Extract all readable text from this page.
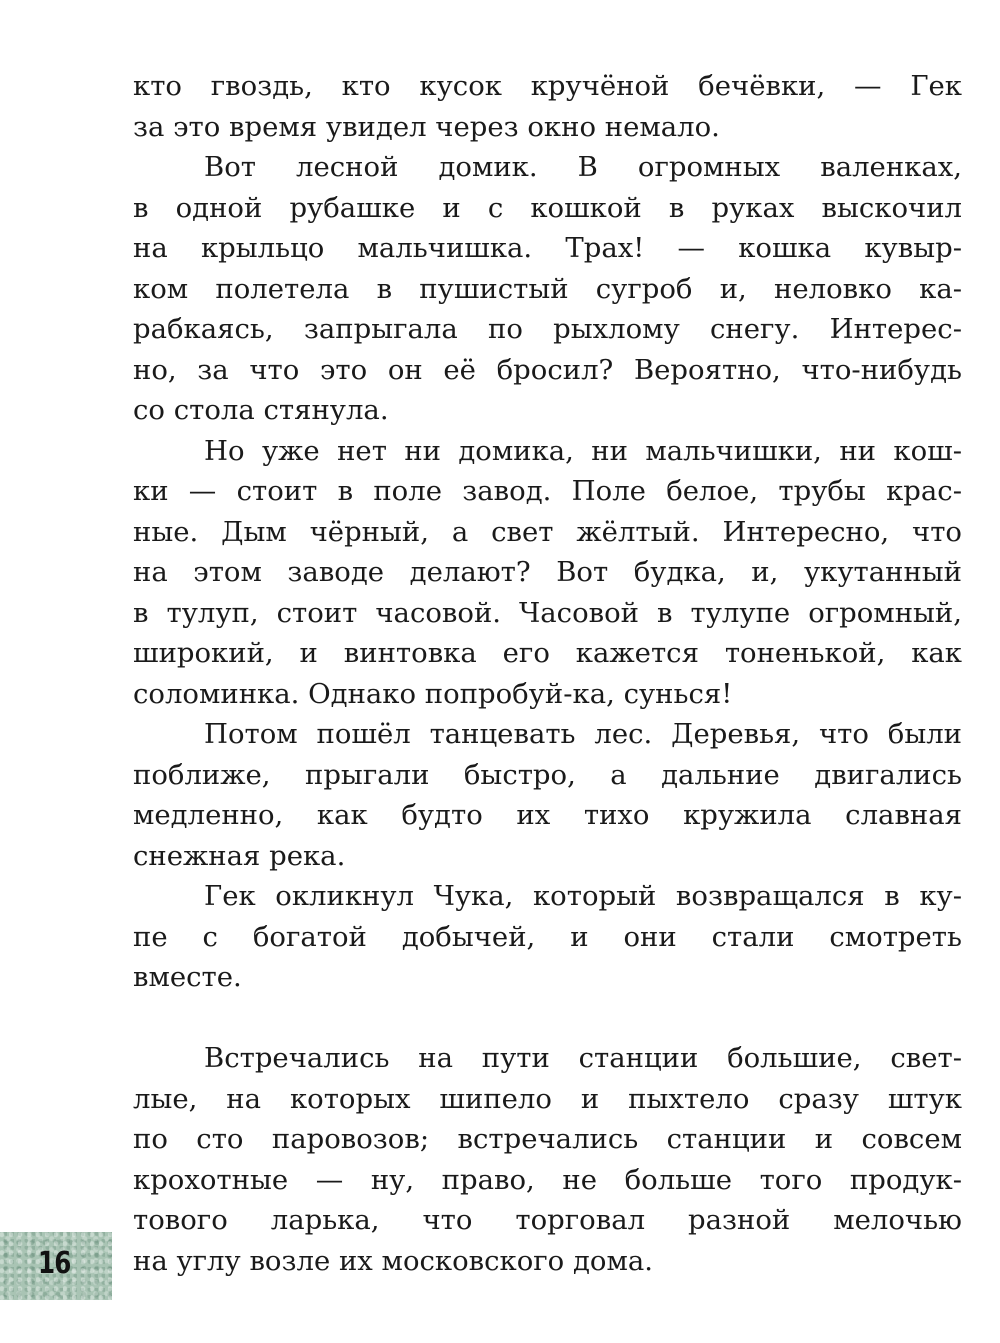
кто гвоздь, кто кусок кручёной бечёвки, — Гек
за это время увидел через окно немало.
Вот лесной домик. В огромных валенках,
в одной рубашке и с кошкой в руках выскочил
на крыльцо мальчишка. Трах! — кошка кувыр-
ком полетела в пушистый сугроб и, неловко ка-
рабкаясь, запрыгала по рыхлому снегу. Интерес-
но, за что это он её бросил? Вероятно, что-нибудь
со стола стянула.
Но уже нет ни домика, ни мальчишки, ни кош-
ки — стоит в поле завод. Поле белое, трубы крас-
ные. Дым чёрный, а свет жёлтый. Интересно, что
на этом заводе делают? Вот будка, и, укутанный
в тулуп, стоит часовой. Часовой в тулупе огромный,
широкий, и винтовка его кажется тоненькой, как
соломинка. Однако попробуй-ка, сунься!
Потом пошёл танцевать лес. Деревья, что были
поближе, прыгали быстро, а дальние двигались
медленно, как будто их тихо кружила славная
снежная река.
Гек окликнул Чука, который возвращался в ку-
пе с богатой добычей, и они стали смотреть
вместе.
Встречались на пути станции большие, свет-
лые, на которых шипело и пыхтело сразу штук
по сто паровозов; встречались станции и совсем
крохотные — ну, право, не больше того продук-
тового ларька, что торговал разной мелочью
на углу возле их московского дома.
16
